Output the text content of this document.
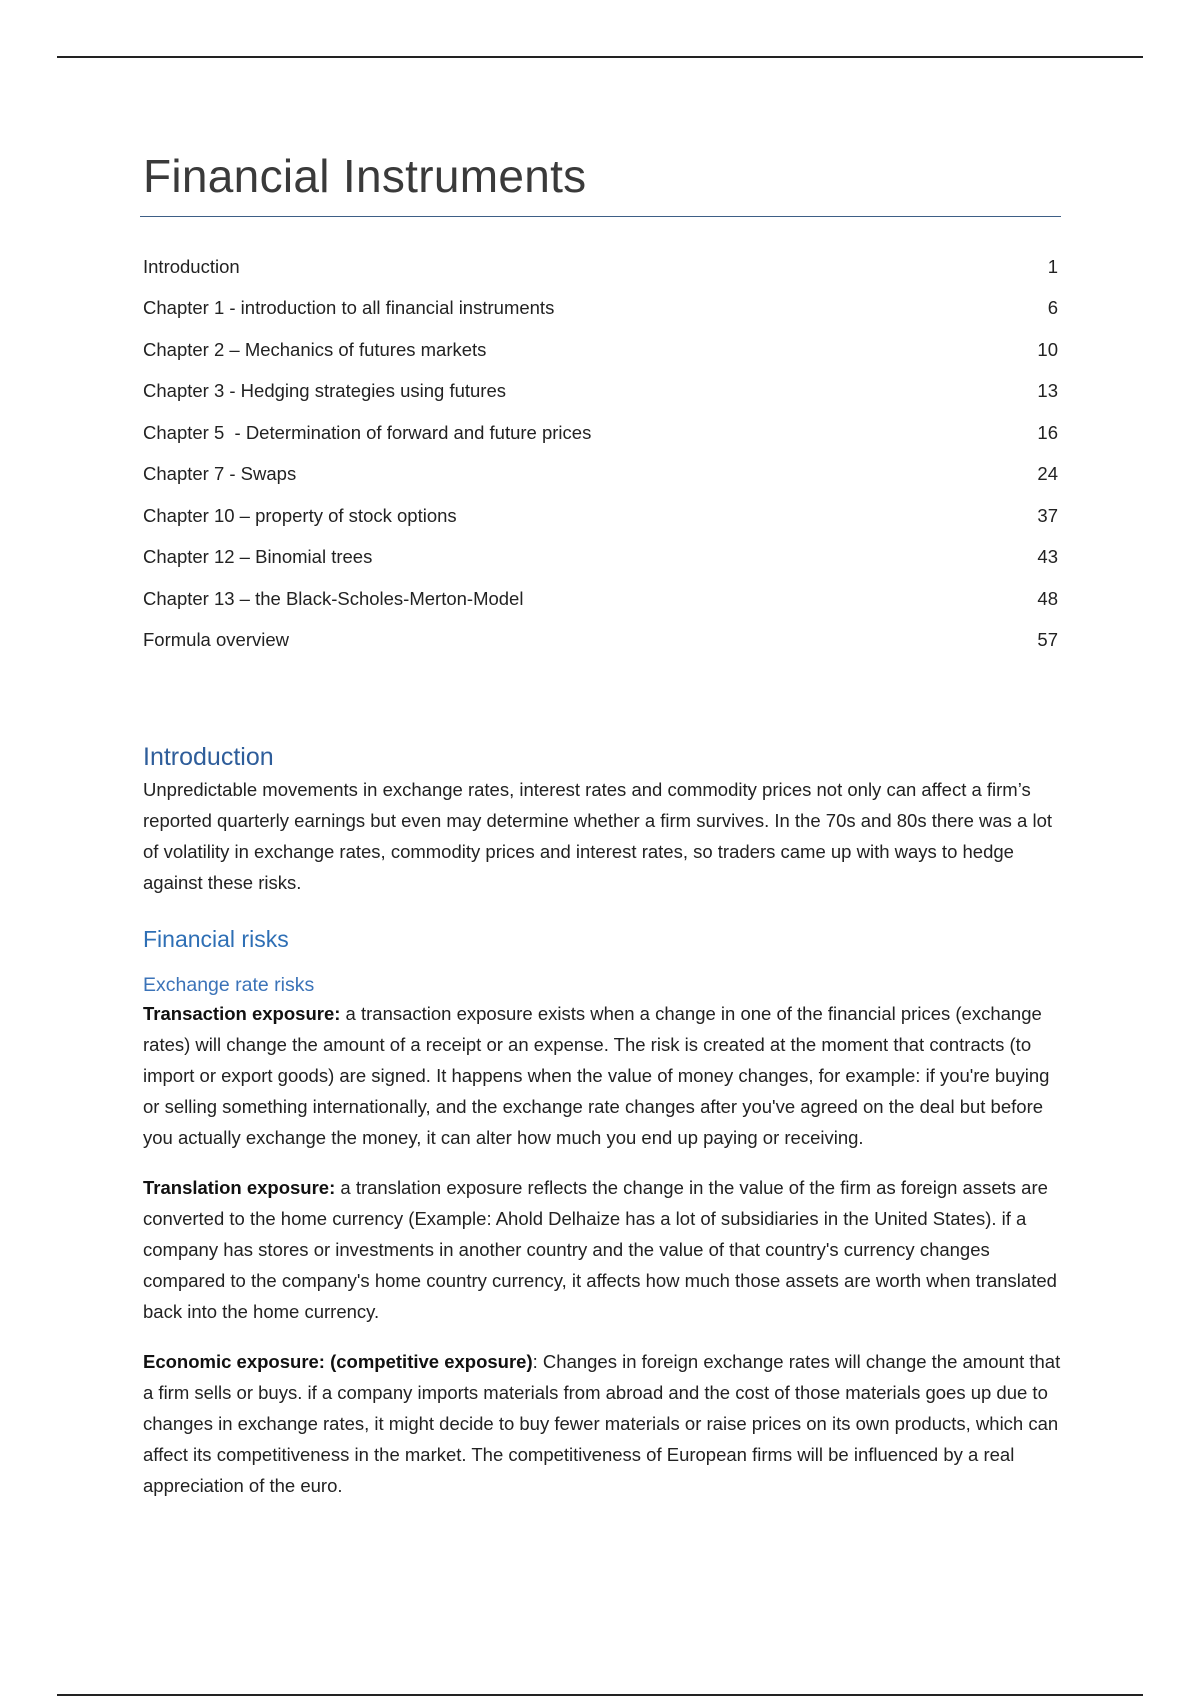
Financial Instruments
Introduction	1
Chapter 1 - introduction to all financial instruments	6
Chapter 2 – Mechanics of futures markets	10
Chapter 3 - Hedging strategies using futures	13
Chapter 5  - Determination of forward and future prices	16
Chapter 7 - Swaps	24
Chapter 10 – property of stock options	37
Chapter 12 – Binomial trees	43
Chapter 13 – the Black-Scholes-Merton-Model	48
Formula overview	57
Introduction

Unpredictable movements in exchange rates, interest rates and commodity prices not only can affect a firm’s reported quarterly earnings but even may determine whether a firm survives. In the 70s and 80s there was a lot of volatility in exchange rates, commodity prices and interest rates, so traders came up with ways to hedge against these risks.

Financial risks
Exchange rate risks

Transaction exposure: a transaction exposure exists when a change in one of the financial prices (exchange rates) will change the amount of a receipt or an expense. The risk is created at the moment that contracts (to import or export goods) are signed. It happens when the value of money changes, for example: if you're buying or selling something internationally, and the exchange rate changes after you've agreed on the deal but before you actually exchange the money, it can alter how much you end up paying or receiving.

Translation exposure: a translation exposure reflects the change in the value of the firm as foreign assets are converted to the home currency (Example: Ahold Delhaize has a lot of subsidiaries in the United States). if a company has stores or investments in another country and the value of that country's currency changes compared to the company's home country currency, it affects how much those assets are worth when translated back into the home currency.

Economic exposure: (competitive exposure): Changes in foreign exchange rates will change the amount that a firm sells or buys. if a company imports materials from abroad and the cost of those materials goes up due to changes in exchange rates, it might decide to buy fewer materials or raise prices on its own products, which can affect its competitiveness in the market. The competitiveness of European firms will be influenced by a real appreciation of the euro.
